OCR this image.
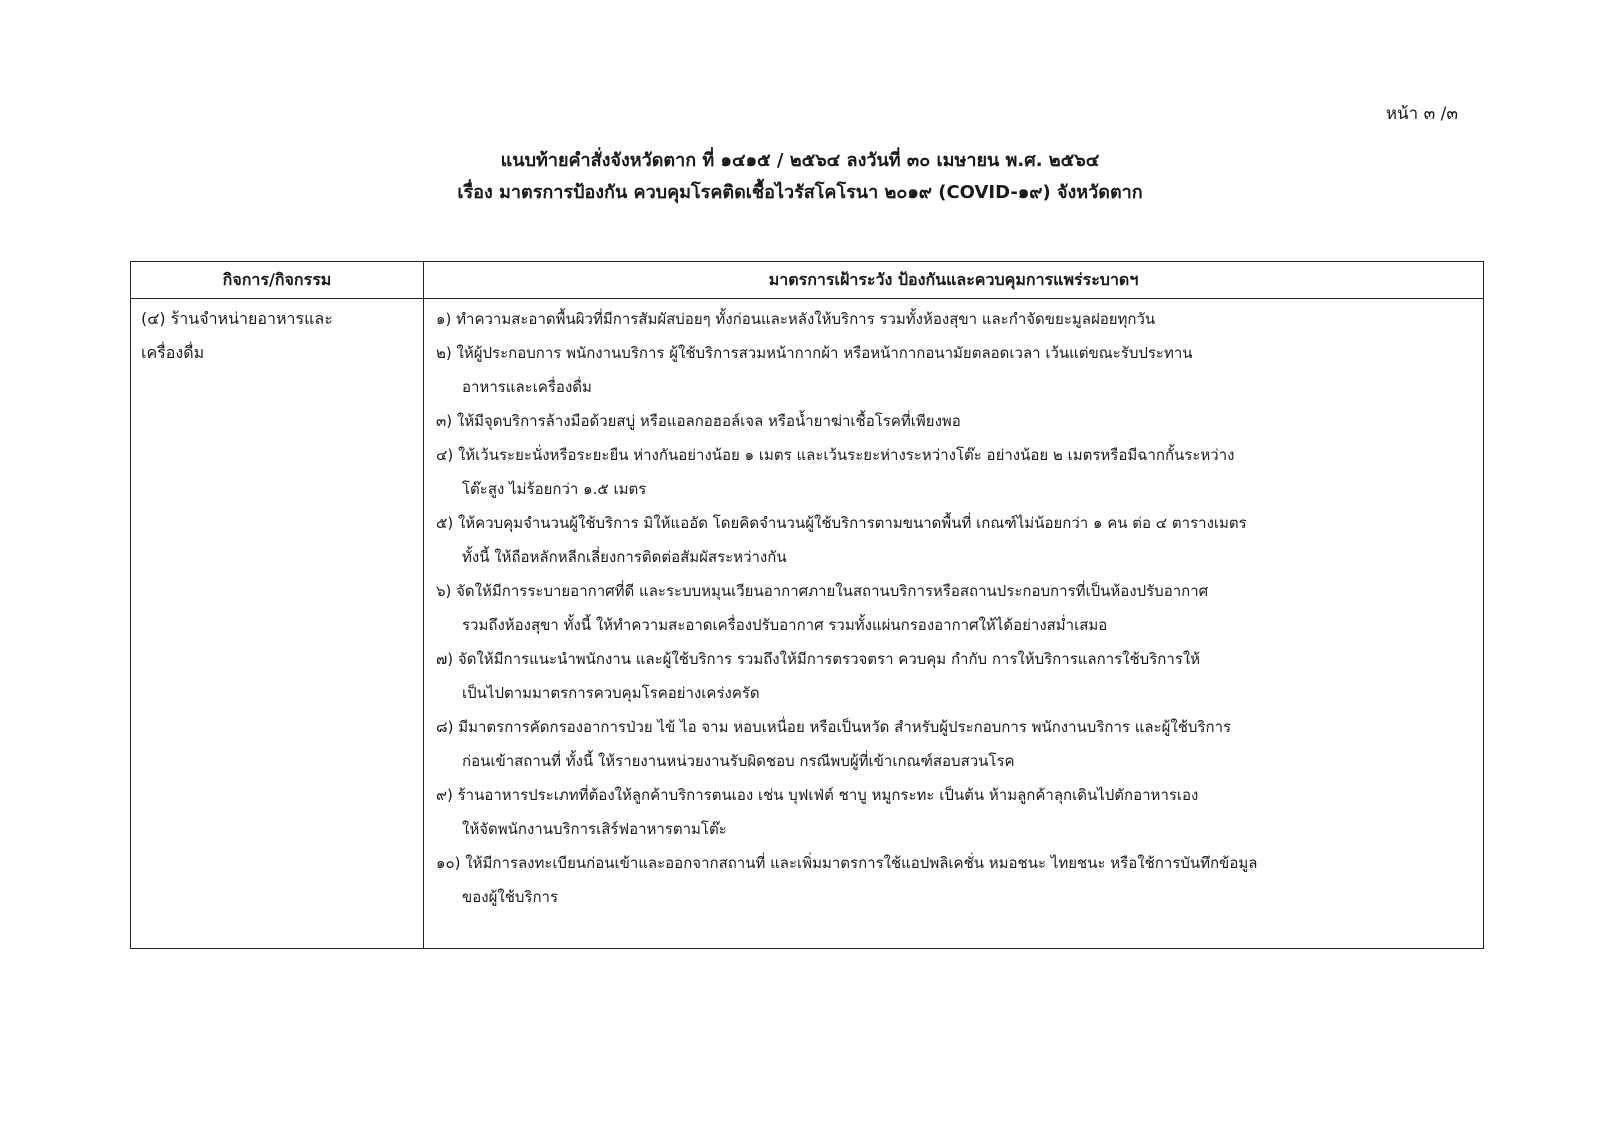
หน้า ๓ /๓
แนบท้ายคำสั่งจังหวัดตาก ที่ ๑๔๑๕ / ๒๕๖๔ ลงวันที่ ๓๐ เมษายน พ.ศ. ๒๕๖๔
เรื่อง มาตรการป้องกัน ควบคุมโรคติดเชื้อไวรัสโคโรนา ๒๐๑๙ (COVID-๑๙) จังหวัดตาก
กิจการ/กิจกรรม	มาตรการเฝ้าระวัง ป้องกันและควบคุมการแพร่ระบาดฯ
(๔) ร้านจำหน่ายอาหารและ
เครื่องดื่ม
๑) ทำความสะอาดพื้นผิวที่มีการสัมผัสบ่อยๆ ทั้งก่อนและหลังให้บริการ รวมทั้งห้องสุขา และกำจัดขยะมูลฝอยทุกวัน
๒) ให้ผู้ประกอบการ พนักงานบริการ ผู้ใช้บริการสวมหน้ากากผ้า หรือหน้ากากอนามัยตลอดเวลา เว้นแต่ขณะรับประทาน
อาหารและเครื่องดื่ม
๓) ให้มีจุดบริการล้างมือด้วยสบู่ หรือแอลกอฮอล์เจล หรือน้ำยาฆ่าเชื้อโรคที่เพียงพอ
๔) ให้เว้นระยะนั่งหรือระยะยืน ห่างกันอย่างน้อย ๑ เมตร และเว้นระยะห่างระหว่างโต๊ะ อย่างน้อย ๒ เมตรหรือมีฉากกั้นระหว่าง
โต๊ะสูง ไม่ร้อยกว่า ๑.๕ เมตร
๕) ให้ควบคุมจำนวนผู้ใช้บริการ มิให้แออัด โดยคิดจำนวนผู้ใช้บริการตามขนาดพื้นที่ เกณฑ์ไม่น้อยกว่า ๑ คน ต่อ ๔ ตารางเมตร
ทั้งนี้ ให้ถือหลักหลีกเลี่ยงการติดต่อสัมผัสระหว่างกัน
๖) จัดให้มีการระบายอากาศที่ดี และระบบหมุนเวียนอากาศภายในสถานบริการหรือสถานประกอบการที่เป็นห้องปรับอากาศ
รวมถึงห้องสุขา ทั้งนี้ ให้ทำความสะอาดเครื่องปรับอากาศ รวมทั้งแผ่นกรองอากาศให้ได้อย่างสม่ำเสมอ
๗) จัดให้มีการแนะนำพนักงาน และผู้ใช้บริการ รวมถึงให้มีการตรวจตรา ควบคุม กำกับ การให้บริการแลการใช้บริการให้
เป็นไปตามมาตรการควบคุมโรคอย่างเคร่งครัด
๘) มีมาตรการคัดกรองอาการป่วย ไข้ ไอ จาม หอบเหนื่อย หรือเป็นหวัด สำหรับผู้ประกอบการ พนักงานบริการ และผู้ใช้บริการ
ก่อนเข้าสถานที่ ทั้งนี้ ให้รายงานหน่วยงานรับผิดชอบ กรณีพบผู้ที่เข้าเกณฑ์สอบสวนโรค
๙) ร้านอาหารประเภทที่ต้องให้ลูกค้าบริการตนเอง เช่น บุฟเฟ่ต์ ชาบู หมูกระทะ เป็นต้น ห้ามลูกค้าลุกเดินไปตักอาหารเอง
ให้จัดพนักงานบริการเสิร์ฟอาหารตามโต๊ะ
๑๐) ให้มีการลงทะเบียนก่อนเข้าและออกจากสถานที่ และเพิ่มมาตรการใช้แอปพลิเคชั่น หมอชนะ ไทยชนะ หรือใช้การบันทึกข้อมูล
ของผู้ใช้บริการ
